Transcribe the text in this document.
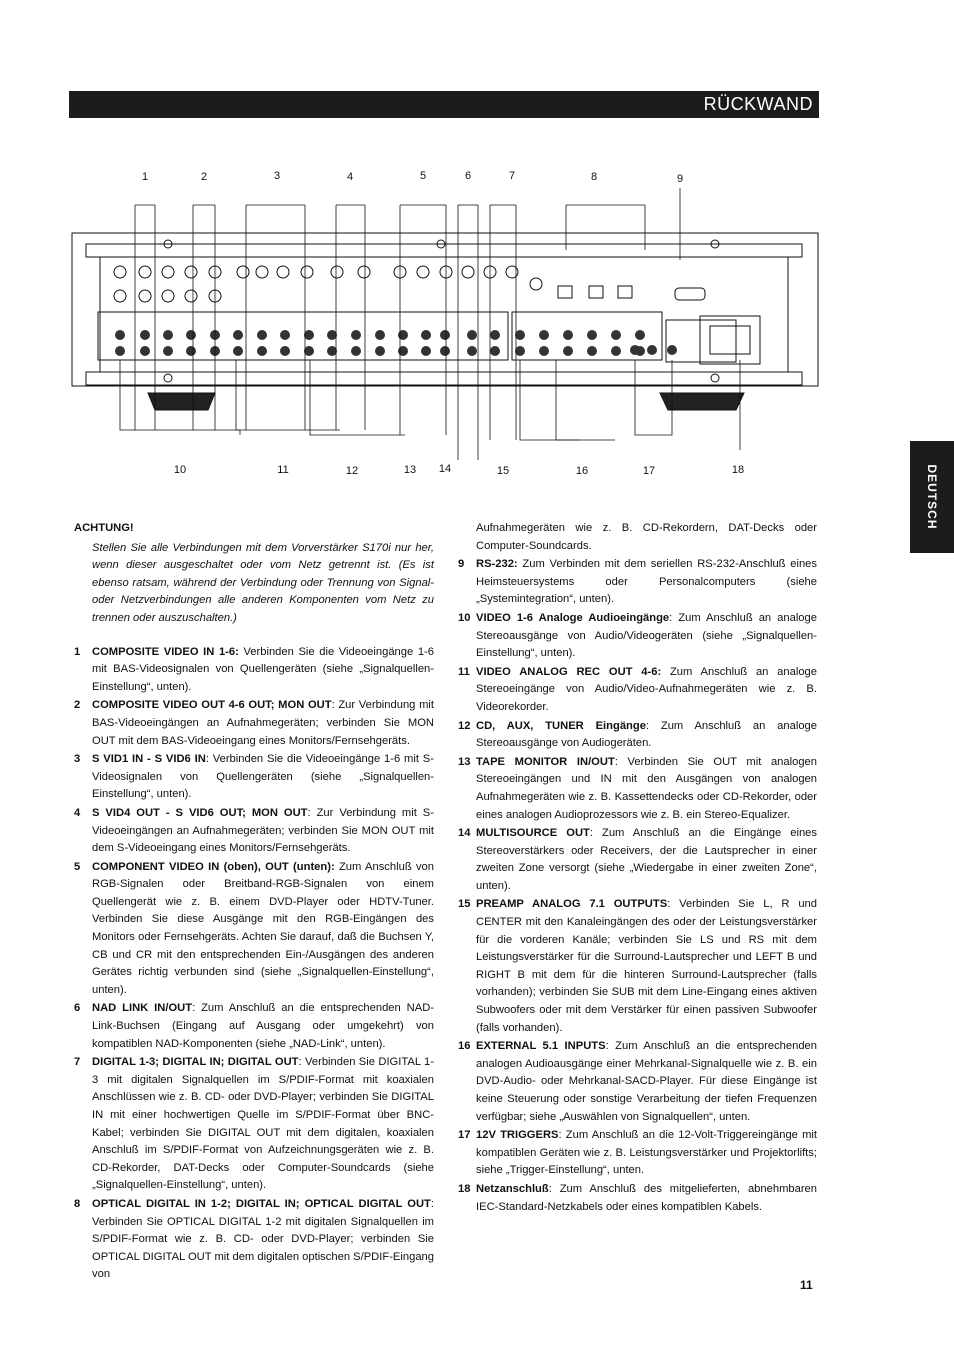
RÜCKWAND
DEUTSCH
1	2	3	4	5	6	7	8	9
10	11	12	13 14	15	16	17	18

ACHTUNG!

Stellen Sie alle Verbindungen mit dem Vorverstärker S170i nur her, wenn dieser ausgeschaltet oder vom Netz getrennt ist. (Es ist ebenso ratsam, während der Verbindung oder Trennung von Signal- oder Netzverbindungen alle anderen Komponenten vom Netz zu trennen oder auszuschalten.)

1 COMPOSITE VIDEO IN 1-6: Verbinden Sie die Videoeingänge 1-6 mit BAS-Videosignalen von Quellengeräten (siehe „Signalquellen-Einstellung“, unten).
2 COMPOSITE VIDEO OUT 4-6 OUT; MON OUT: Zur Verbindung mit BAS-Videoeingängen an Aufnahmegeräten; verbinden Sie MON OUT mit dem BAS-Videoeingang eines Monitors/Fernsehgeräts.
3 S VID1 IN - S VID6 IN: Verbinden Sie die Videoeingänge 1-6 mit S-Videosignalen von Quellengeräten (siehe „Signalquellen-Einstellung“, unten).
4 S VID4 OUT - S VID6 OUT; MON OUT: Zur Verbindung mit S-Videoeingängen an Aufnahmegeräten; verbinden Sie MON OUT mit dem S-Videoeingang eines Monitors/Fernsehgeräts.
5 COMPONENT VIDEO IN (oben), OUT (unten): Zum Anschluß von RGB-Signalen oder Breitband-RGB-Signalen von einem Quellengerät wie z. B. einem DVD-Player oder HDTV-Tuner. Verbinden Sie diese Ausgänge mit den RGB-Eingängen des Monitors oder Fernsehgeräts. Achten Sie darauf, daß die Buchsen Y, CB und CR mit den entsprechenden Ein-/Ausgängen des anderen Gerätes richtig verbunden sind (siehe „Signalquellen-Einstellung“, unten).
6 NAD LINK IN/OUT: Zum Anschluß an die entsprechenden NAD-Link-Buchsen (Eingang auf Ausgang oder umgekehrt) von kompatiblen NAD-Komponenten (siehe „NAD-Link“, unten).
7 DIGITAL 1-3; DIGITAL IN; DIGITAL OUT: Verbinden Sie DIGITAL 1-3 mit digitalen Signalquellen im S/PDIF-Format mit koaxialen Anschlüssen wie z. B. CD- oder DVD-Player; verbinden Sie DIGITAL IN mit einer hochwertigen Quelle im S/PDIF-Format über BNC-Kabel; verbinden Sie DIGITAL OUT mit dem digitalen, koaxialen Anschluß im S/PDIF-Format von Aufzeichnungsgeräten wie z. B. CD-Rekorder, DAT-Decks oder Computer-Soundcards (siehe „Signalquellen-Einstellung“, unten).
8 OPTICAL DIGITAL IN 1-2; DIGITAL IN; OPTICAL DIGITAL OUT: Verbinden Sie OPTICAL DIGITAL 1-2 mit digitalen Signalquellen im S/PDIF-Format wie z. B. CD- oder DVD-Player; verbinden Sie OPTICAL DIGITAL OUT mit dem digitalen optischen S/PDIF-Eingang von
Aufnahmegeräten wie z. B. CD-Rekordern, DAT-Decks oder Computer-Soundcards.
9 RS-232: Zum Verbinden mit dem seriellen RS-232-Anschluß eines Heimsteuersystems oder Personalcomputers (siehe „Systemintegration“, unten).
10 VIDEO 1-6 Analoge Audioeingänge: Zum Anschluß an analoge Stereoausgänge von Audio/Videogeräten (siehe „Signalquellen-Einstellung“, unten).
11 VIDEO ANALOG REC OUT 4-6: Zum Anschluß an analoge Stereoeingänge von Audio/Video-Aufnahmegeräten wie z. B. Videorekorder.
12 CD, AUX, TUNER Eingänge: Zum Anschluß an analoge Stereoausgänge von Audiogeräten.
13 TAPE MONITOR IN/OUT: Verbinden Sie OUT mit analogen Stereoeingängen und IN mit den Ausgängen von analogen Aufnahmegeräten wie z. B. Kassettendecks oder CD-Rekorder, oder eines analogen Audioprozessors wie z. B. ein Stereo-Equalizer.
14 MULTISOURCE OUT: Zum Anschluß an die Eingänge eines Stereoverstärkers oder Receivers, der die Lautsprecher in einer zweiten Zone versorgt (siehe „Wiedergabe in einer zweiten Zone“, unten).
15 PREAMP ANALOG 7.1 OUTPUTS: Verbinden Sie L, R und CENTER mit den Kanaleingängen des oder der Leistungsverstärker für die vorderen Kanäle; verbinden Sie LS und RS mit dem Leistungsverstärker für die Surround-Lautsprecher und LEFT B und RIGHT B mit dem für die hinteren Surround-Lautsprecher (falls vorhanden); verbinden Sie SUB mit dem Line-Eingang eines aktiven Subwoofers oder mit dem Verstärker für einen passiven Subwoofer (falls vorhanden).
16 EXTERNAL 5.1 INPUTS: Zum Anschluß an die entsprechenden analogen Audioausgänge einer Mehrkanal-Signalquelle wie z. B. ein DVD-Audio- oder Mehrkanal-SACD-Player. Für diese Eingänge ist keine Steuerung oder sonstige Verarbeitung der tiefen Frequenzen verfügbar; siehe „Auswählen von Signalquellen“, unten.
17 12V TRIGGERS: Zum Anschluß an die 12-Volt-Triggereingänge mit kompatiblen Geräten wie z. B. Leistungsverstärker und Projektorlifts; siehe „Trigger-Einstellung“, unten.
18 Netzanschluß: Zum Anschluß des mitgelieferten, abnehmbaren IEC-Standard-Netzkabels oder eines kompatiblen Kabels.
11
